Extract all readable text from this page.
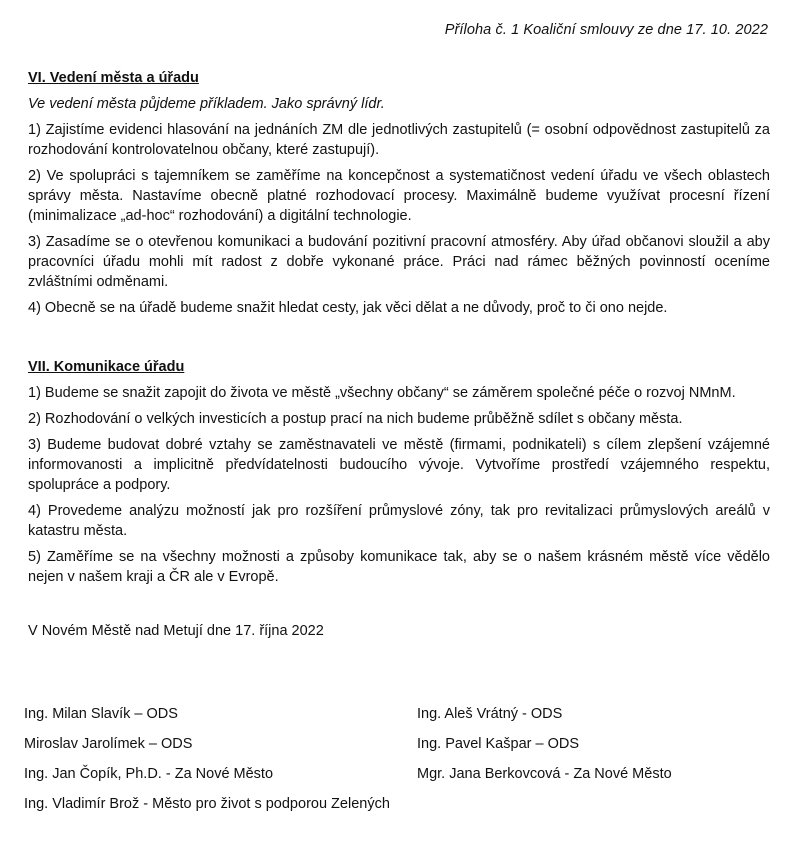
Příloha č. 1 Koaliční smlouvy ze dne 17. 10. 2022

VI. Vedení města a úřadu

Ve vedení města půjdeme příkladem. Jako správný lídr.

1) Zajistíme evidenci hlasování na jednáních ZM dle jednotlivých zastupitelů (= osobní odpovědnost zastupitelů za rozhodování kontrolovatelnou občany, které zastupují).

2) Ve spolupráci s tajemníkem se zaměříme na koncepčnost a systematičnost vedení úřadu ve všech oblastech správy města. Nastavíme obecně platné rozhodovací procesy. Maximálně budeme využívat procesní řízení (minimalizace „ad-hoc“ rozhodování) a digitální technologie.

3) Zasadíme se o otevřenou komunikaci a budování pozitivní pracovní atmosféry. Aby úřad občanovi sloužil a aby pracovníci úřadu mohli mít radost z dobře vykonané práce. Práci nad rámec běžných povinností oceníme zvláštními odměnami.

4) Obecně se na úřadě budeme snažit hledat cesty, jak věci dělat a ne důvody, proč to či ono nejde.

VII. Komunikace úřadu

1) Budeme se snažit zapojit do života ve městě „všechny občany“ se záměrem společné péče o rozvoj NMnM.

2) Rozhodování o velkých investicích a postup prací na nich budeme průběžně sdílet s občany města.

3) Budeme budovat dobré vztahy se zaměstnavateli ve městě (firmami, podnikateli) s cílem zlepšení vzájemné informovanosti a implicitně předvídatelnosti budoucího vývoje. Vytvoříme prostředí vzájemného respektu, spolupráce a podpory.

4) Provedeme analýzu možností jak pro rozšíření průmyslové zóny, tak pro revitalizaci průmyslových areálů v katastru města.

5) Zaměříme se na všechny možnosti a způsoby komunikace tak, aby se o našem krásném městě více vědělo nejen v našem kraji a ČR ale v Evropě.

V Novém Městě nad Metují dne 17. října 2022
Ing. Milan Slavík – ODS
Miroslav Jarolímek – ODS
Ing. Jan Čopík, Ph.D. - Za Nové Město
Ing. Vladimír Brož - Město pro život s podporou Zelených
Ing. Aleš Vrátný - ODS
Ing. Pavel Kašpar – ODS
Mgr. Jana Berkovcová - Za Nové Město
